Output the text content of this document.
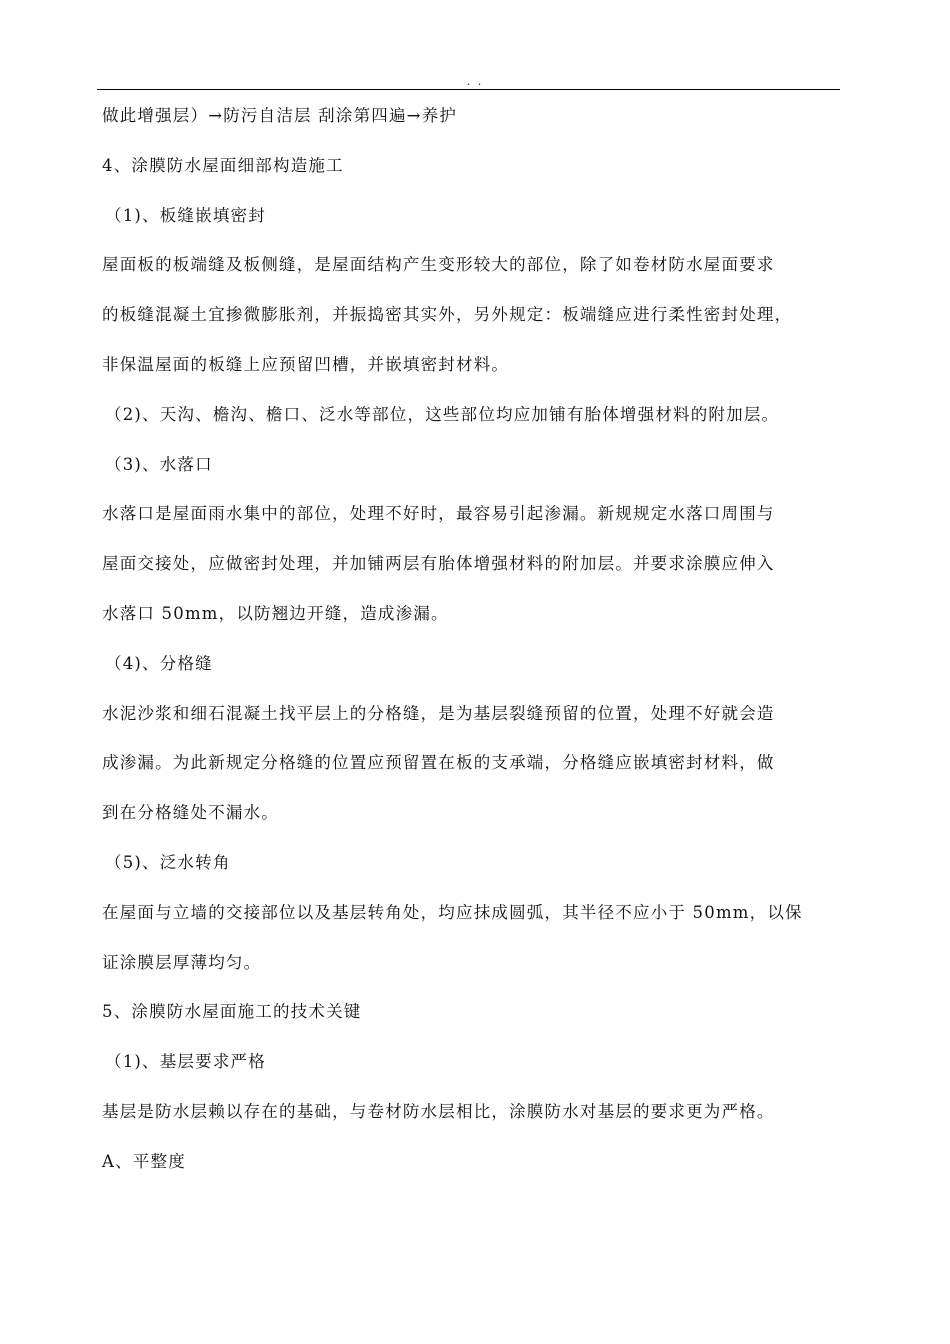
. .
做此增强层）→防污自洁层 刮涂第四遍→养护
4、涂膜防水屋面细部构造施工
（1)、板缝嵌填密封
屋面板的板端缝及板侧缝，是屋面结构产生变形较大的部位，除了如卷材防水屋面要求
的板缝混凝土宜掺微膨胀剂，并振捣密其实外，另外规定：板端缝应进行柔性密封处理，
非保温屋面的板缝上应预留凹槽，并嵌填密封材料。
（2)、天沟、檐沟、檐口、泛水等部位，这些部位均应加铺有胎体增强材料的附加层。
（3)、水落口
水落口是屋面雨水集中的部位，处理不好时，最容易引起渗漏。新规规定水落口周围与
屋面交接处，应做密封处理，并加铺两层有胎体增强材料的附加层。并要求涂膜应伸入
水落口 50mm，以防翘边开缝，造成渗漏。
（4)、分格缝
水泥沙浆和细石混凝土找平层上的分格缝，是为基层裂缝预留的位置，处理不好就会造
成渗漏。为此新规定分格缝的位置应预留置在板的支承端，分格缝应嵌填密封材料，做
到在分格缝处不漏水。
（5)、泛水转角
在屋面与立墙的交接部位以及基层转角处，均应抹成圆弧，其半径不应小于 50mm，以保
证涂膜层厚薄均匀。
5、涂膜防水屋面施工的技术关键
（1)、基层要求严格
基层是防水层赖以存在的基础，与卷材防水层相比，涂膜防水对基层的要求更为严格。
A、平整度
